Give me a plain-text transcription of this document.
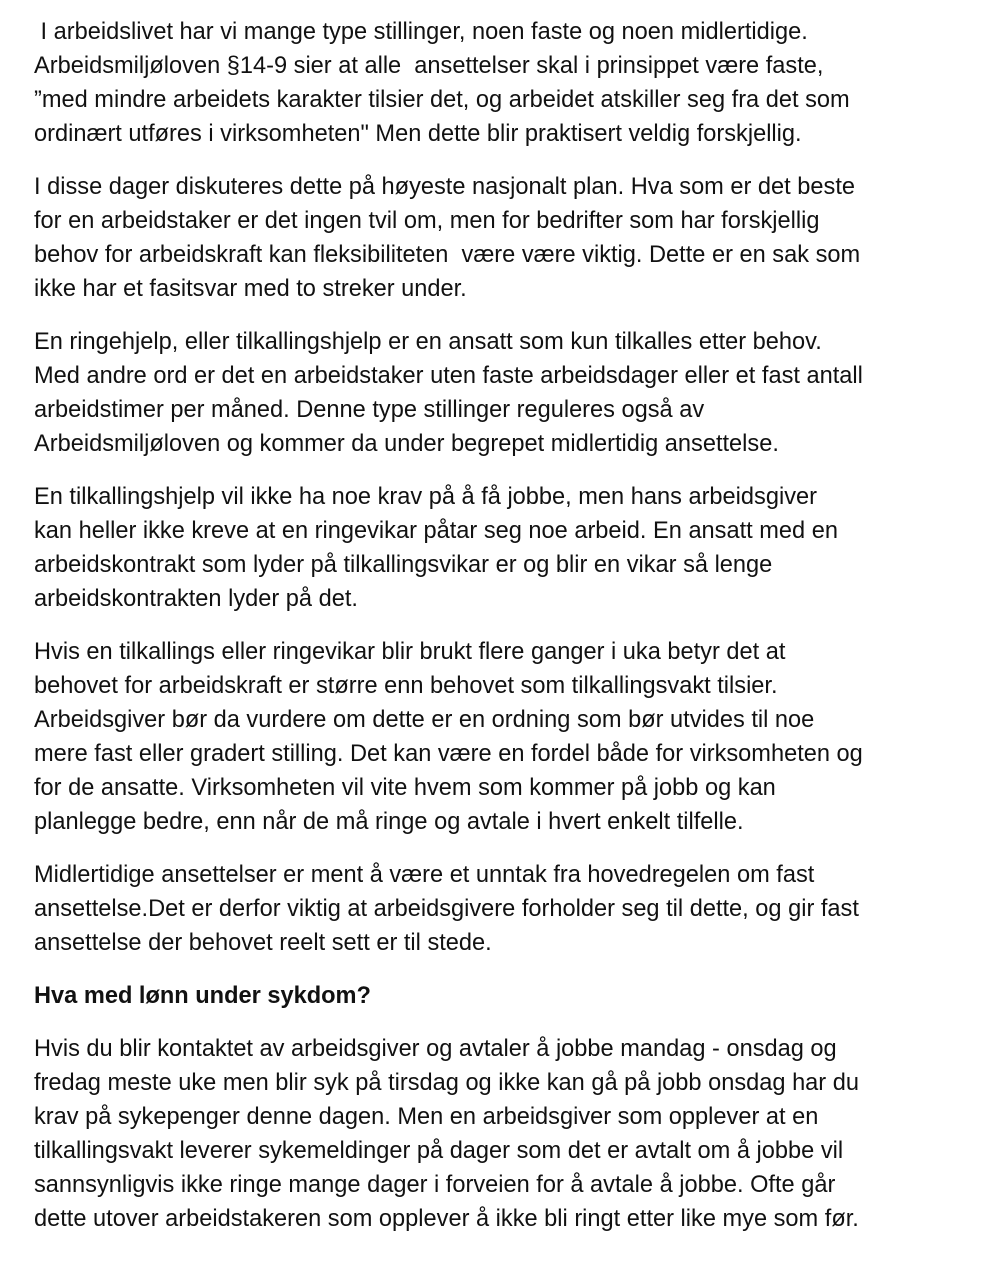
I arbeidslivet har vi mange type stillinger, noen faste og noen midlertidige.
Arbeidsmiljøloven §14-9 sier at alle  ansettelser skal i prinsippet være faste,
”med mindre arbeidets karakter tilsier det, og arbeidet atskiller seg fra det som
ordinært utføres i virksomheten" Men dette blir praktisert veldig forskjellig.

I disse dager diskuteres dette på høyeste nasjonalt plan. Hva som er det beste
for en arbeidstaker er det ingen tvil om, men for bedrifter som har forskjellig
behov for arbeidskraft kan fleksibiliteten  være være viktig. Dette er en sak som
ikke har et fasitsvar med to streker under.

En ringehjelp, eller tilkallingshjelp er en ansatt som kun tilkalles etter behov.
Med andre ord er det en arbeidstaker uten faste arbeidsdager eller et fast antall
arbeidstimer per måned. Denne type stillinger reguleres også av
Arbeidsmiljøloven og kommer da under begrepet midlertidig ansettelse.

En tilkallingshjelp vil ikke ha noe krav på å få jobbe, men hans arbeidsgiver
kan heller ikke kreve at en ringevikar påtar seg noe arbeid. En ansatt med en
arbeidskontrakt som lyder på tilkallingsvikar er og blir en vikar så lenge
arbeidskontrakten lyder på det.

Hvis en tilkallings eller ringevikar blir brukt flere ganger i uka betyr det at
behovet for arbeidskraft er større enn behovet som tilkallingsvakt tilsier.
Arbeidsgiver bør da vurdere om dette er en ordning som bør utvides til noe
mere fast eller gradert stilling. Det kan være en fordel både for virksomheten og
for de ansatte. Virksomheten vil vite hvem som kommer på jobb og kan
planlegge bedre, enn når de må ringe og avtale i hvert enkelt tilfelle.

Midlertidige ansettelser er ment å være et unntak fra hovedregelen om fast
ansettelse.Det er derfor viktig at arbeidsgivere forholder seg til dette, og gir fast
ansettelse der behovet reelt sett er til stede.

Hva med lønn under sykdom?

Hvis du blir kontaktet av arbeidsgiver og avtaler å jobbe mandag - onsdag og
fredag meste uke men blir syk på tirsdag og ikke kan gå på jobb onsdag har du
krav på sykepenger denne dagen. Men en arbeidsgiver som opplever at en
tilkallingsvakt leverer sykemeldinger på dager som det er avtalt om å jobbe vil
sannsynligvis ikke ringe mange dager i forveien for å avtale å jobbe. Ofte går
dette utover arbeidstakeren som opplever å ikke bli ringt etter like mye som før.
